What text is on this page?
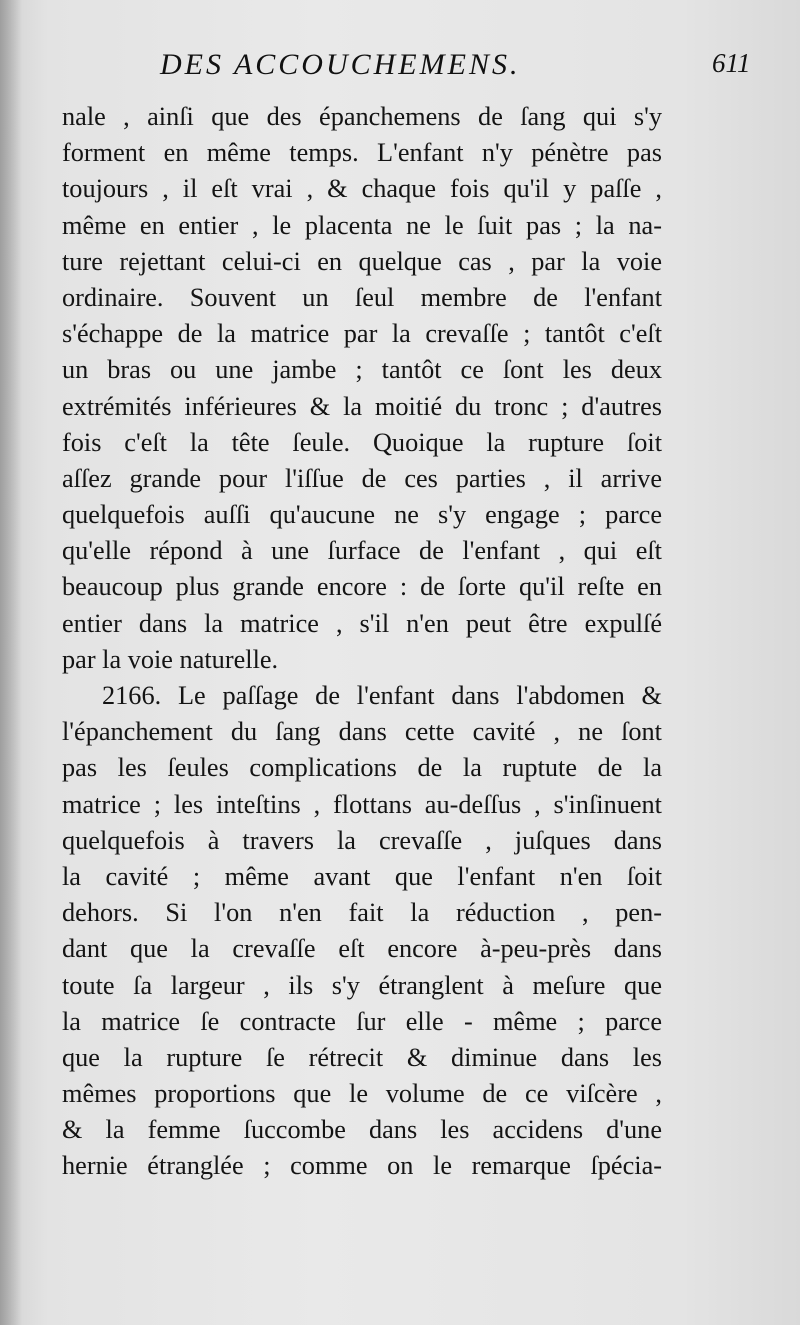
DES ACCOUCHEMENS.	611
nale , ainſi que des épanchemens de ſang qui s'y
forment en même temps. L'enfant n'y pénètre pas
toujours , il eſt vrai , & chaque fois qu'il y paſſe ,
même en entier , le placenta ne le ſuit pas ; la na-
ture rejettant celui-ci en quelque cas , par la voie
ordinaire. Souvent un ſeul membre de l'enfant
s'échappe de la matrice par la crevaſſe ; tantôt c'eſt
un bras ou une jambe ; tantôt ce ſont les deux
extrémités inférieures & la moitié du tronc ; d'autres
fois c'eſt la tête ſeule. Quoique la rupture ſoit
aſſez grande pour l'iſſue de ces parties , il arrive
quelquefois auſſi qu'aucune ne s'y engage ; parce
qu'elle répond à une ſurface de l'enfant , qui eſt
beaucoup plus grande encore : de ſorte qu'il reſte en
entier dans la matrice , s'il n'en peut être expulſé
par la voie naturelle.
2166. Le paſſage de l'enfant dans l'abdomen &
l'épanchement du ſang dans cette cavité , ne ſont
pas les ſeules complications de la ruptute de la
matrice ; les inteſtins , flottans au-deſſus , s'inſinuent
quelquefois à travers la crevaſſe , juſques dans
la cavité ; même avant que l'enfant n'en ſoit
dehors. Si l'on n'en fait la réduction , pen-
dant que la crevaſſe eſt encore à-peu-près dans
toute ſa largeur , ils s'y étranglent à meſure que
la matrice ſe contracte ſur elle - même ; parce
que la rupture ſe rétrecit & diminue dans les
mêmes proportions que le volume de ce viſcère ,
& la femme ſuccombe dans les accidens d'une
hernie étranglée ; comme on le remarque ſpécia-
